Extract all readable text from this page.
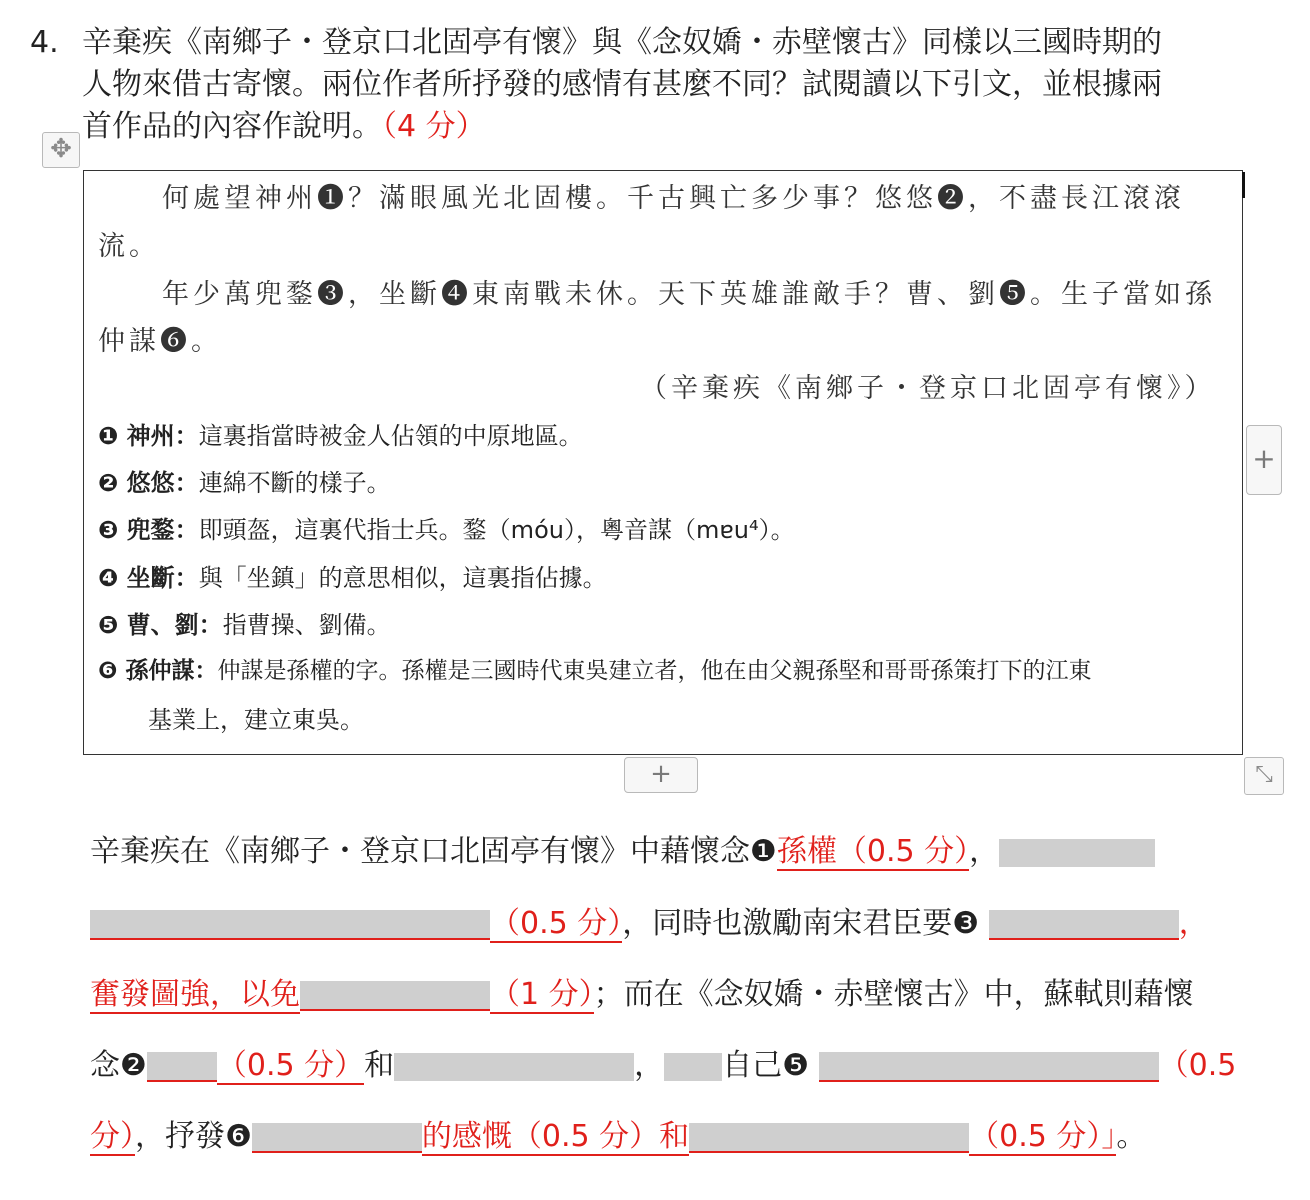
4. 辛棄疾《南鄉子・登京口北固亭有懷》與《念奴嬌・赤壁懷古》同樣以三國時期的
人物來借古寄懷。兩位作者所抒發的感情有甚麼不同？試閱讀以下引文，並根據兩
首作品的內容作說明。（4 分）
✥
何處望神州❶？滿眼風光北固樓。千古興亡多少事？悠悠❷，不盡長江滾滾
流。
年少萬兜鍪❸，坐斷❹東南戰未休。天下英雄誰敵手？曹、劉❺。生子當如孫
仲謀❻。
（辛棄疾《南鄉子・登京口北固亭有懷》）
❶ 神州：這裏指當時被金人佔領的中原地區。
❷ 悠悠：連綿不斷的樣子。
❸ 兜鍪：即頭盔，這裏代指士兵。鍪（móu），粵音謀（mɐu⁴）。
❹ 坐斷：與「坐鎮」的意思相似，這裏指佔據。
❺ 曹、劉：指曹操、劉備。
❻ 孫仲謀：仲謀是孫權的字。孫權是三國時代東吳建立者，他在由父親孫堅和哥哥孫策打下的江東
基業上，建立東吳。
+
+	⤡
辛棄疾在《南鄉子・登京口北固亭有懷》中藉懷念❶孫權（0.5 分），
（0.5 分），同時也激勵南宋君臣要❸	，
奮發圖強，以免	（1 分）；而在《念奴嬌・赤壁懷古》中，蘇軾則藉懷
念❷ （0.5 分）和	， 自己❺	（0.5
分），抒發❻	的感慨（0.5 分）和	（0.5 分）」。
